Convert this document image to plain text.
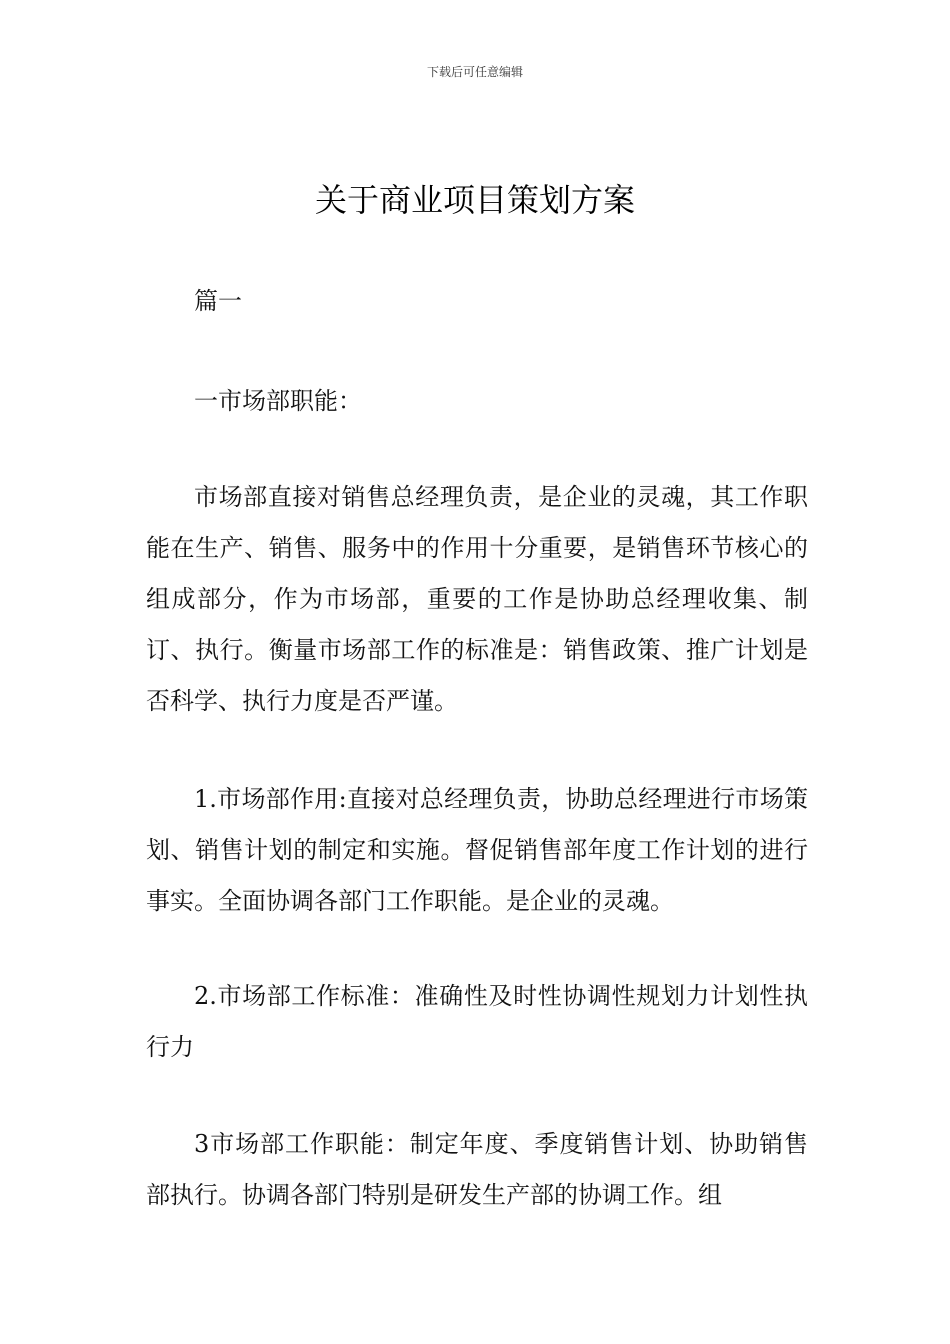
下载后可任意编辑
关于商业项目策划方案

篇一

一市场部职能：

市场部直接对销售总经理负责，是企业的灵魂，其工作职能在生产、销售、服务中的作用十分重要，是销售环节核心的组成部分，作为市场部，重要的工作是协助总经理收集、制订、执行。衡量市场部工作的标准是：销售政策、推广计划是否科学、执行力度是否严谨。

1.市场部作用:直接对总经理负责，协助总经理进行市场策划、销售计划的制定和实施。督促销售部年度工作计划的进行事实。全面协调各部门工作职能。是企业的灵魂。

2.市场部工作标准：准确性及时性协调性规划力计划性执行力

3市场部工作职能：制定年度、季度销售计划、协助销售部执行。协调各部门特别是研发生产部的协调工作。组
